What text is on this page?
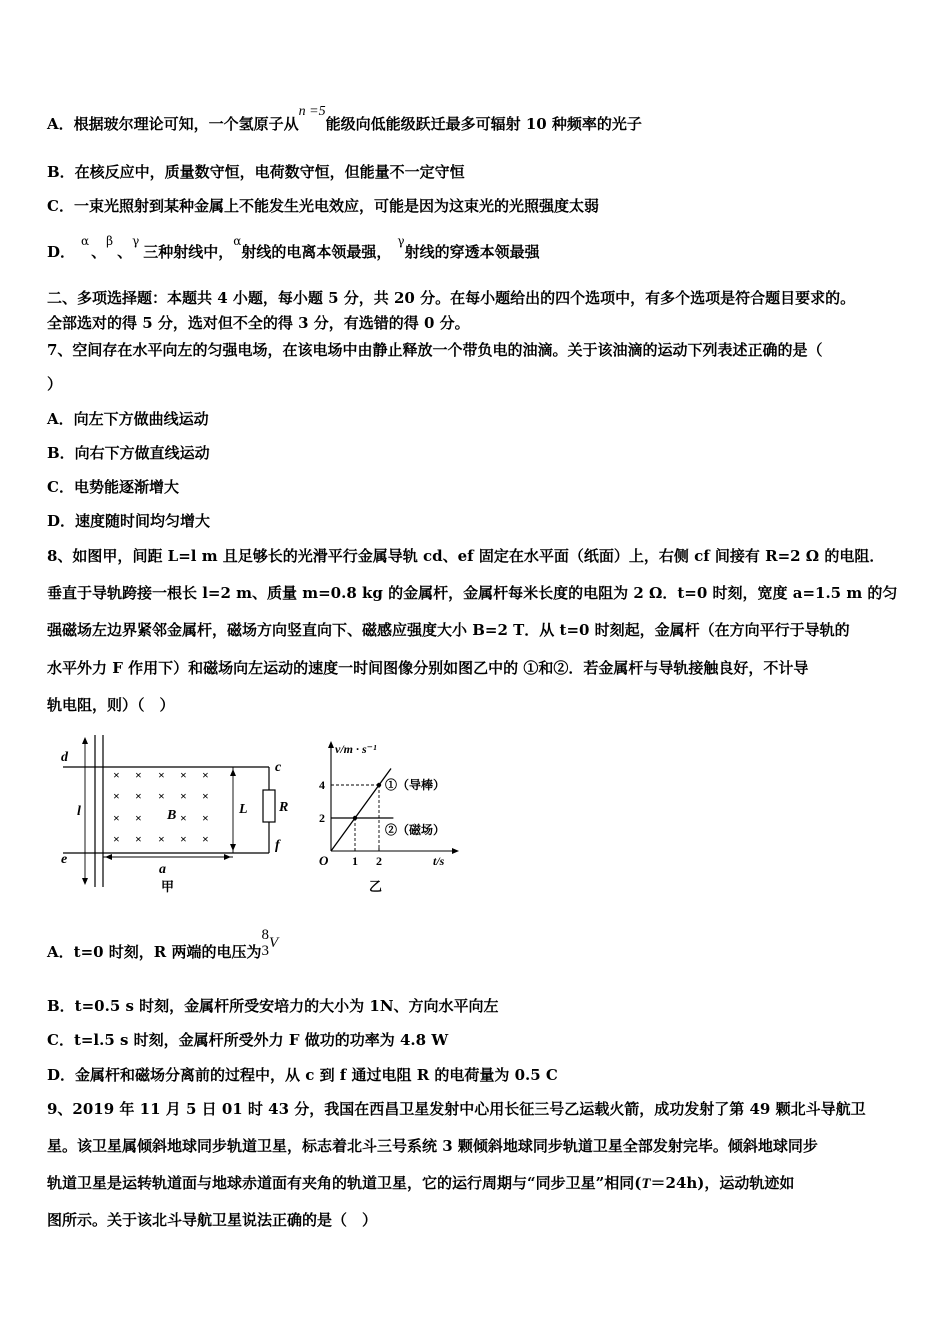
A．根据玻尔理论可知，一个氢原子从n =5能级向低能级跃迁最多可辐射 10 种频率的光子
B．在核反应中，质量数守恒，电荷数守恒，但能量不一定守恒
C．一束光照射到某种金属上不能发生光电效应，可能是因为这束光的光照强度太弱
D．$^\alpha$、$^\beta$、$^\gamma$三种射线中，$^\alpha$射线的电离本领最强，$^\gamma$射线的穿透本领最强
二、多项选择题：本题共 4 小题，每小题 5 分，共 20 分。在每小题给出的四个选项中，有多个选项是符合题目要求的。
全部选对的得 5 分，选对但不全的得 3 分，有选错的得 0 分。
7、空间存在水平向左的匀强电场，在该电场中由静止释放一个带负电的油滴。关于该油滴的运动下列表述正确的是（
）
A．向左下方做曲线运动
B．向右下方做直线运动
C．电势能逐渐增大
D．速度随时间均匀增大
8、如图甲，间距 L=l m 且足够长的光滑平行金属导轨 cd、ef 固定在水平面（纸面）上，右侧 cf 间接有 R=2 Ω 的电阻．
垂直于导轨跨接一根长 l=2 m、质量 m=0.8 kg 的金属杆，金属杆每米长度的电阻为 2 Ω．t=0 时刻，宽度 a=1.5 m 的匀
强磁场左边界紧邻金属杆，磁场方向竖直向下、磁感应强度大小 B=2 T．从 t=0 时刻起，金属杆（在方向平行于导轨的
水平外力 F 作用下）和磁场向左运动的速度一时间图像分别如图乙中的 ①和②．若金属杆与导轨接触良好，不计导
轨电阻，则）（　）
× × × × ×
× × × × ×
× ×	× ×
× × × × ×
d
e
c
f
l	B	L R
a
甲
v/m · s⁻¹
t/s
O
2
4
1 2
①（导棒）
②（磁场）
乙
A．t=0 时刻，R 两端的电压为
8
3 V
B．t=0.5 s 时刻，金属杆所受安培力的大小为 1N、方向水平向左
C．t=l.5 s 时刻，金属杆所受外力 F 做功的功率为 4.8 W
D．金属杆和磁场分离前的过程中，从 c 到 f 通过电阻 R 的电荷量为 0.5 C
9、2019 年 11 月 5 日 01 时 43 分，我国在西昌卫星发射中心用长征三号乙运载火箭，成功发射了第 49 颗北斗导航卫
星。该卫星属倾斜地球同步轨道卫星，标志着北斗三号系统 3 颗倾斜地球同步轨道卫星全部发射完毕。倾斜地球同步
轨道卫星是运转轨道面与地球赤道面有夹角的轨道卫星，它的运行周期与“同步卫星”相同(T＝24h)，运动轨迹如
图所示。关于该北斗导航卫星说法正确的是（　）
